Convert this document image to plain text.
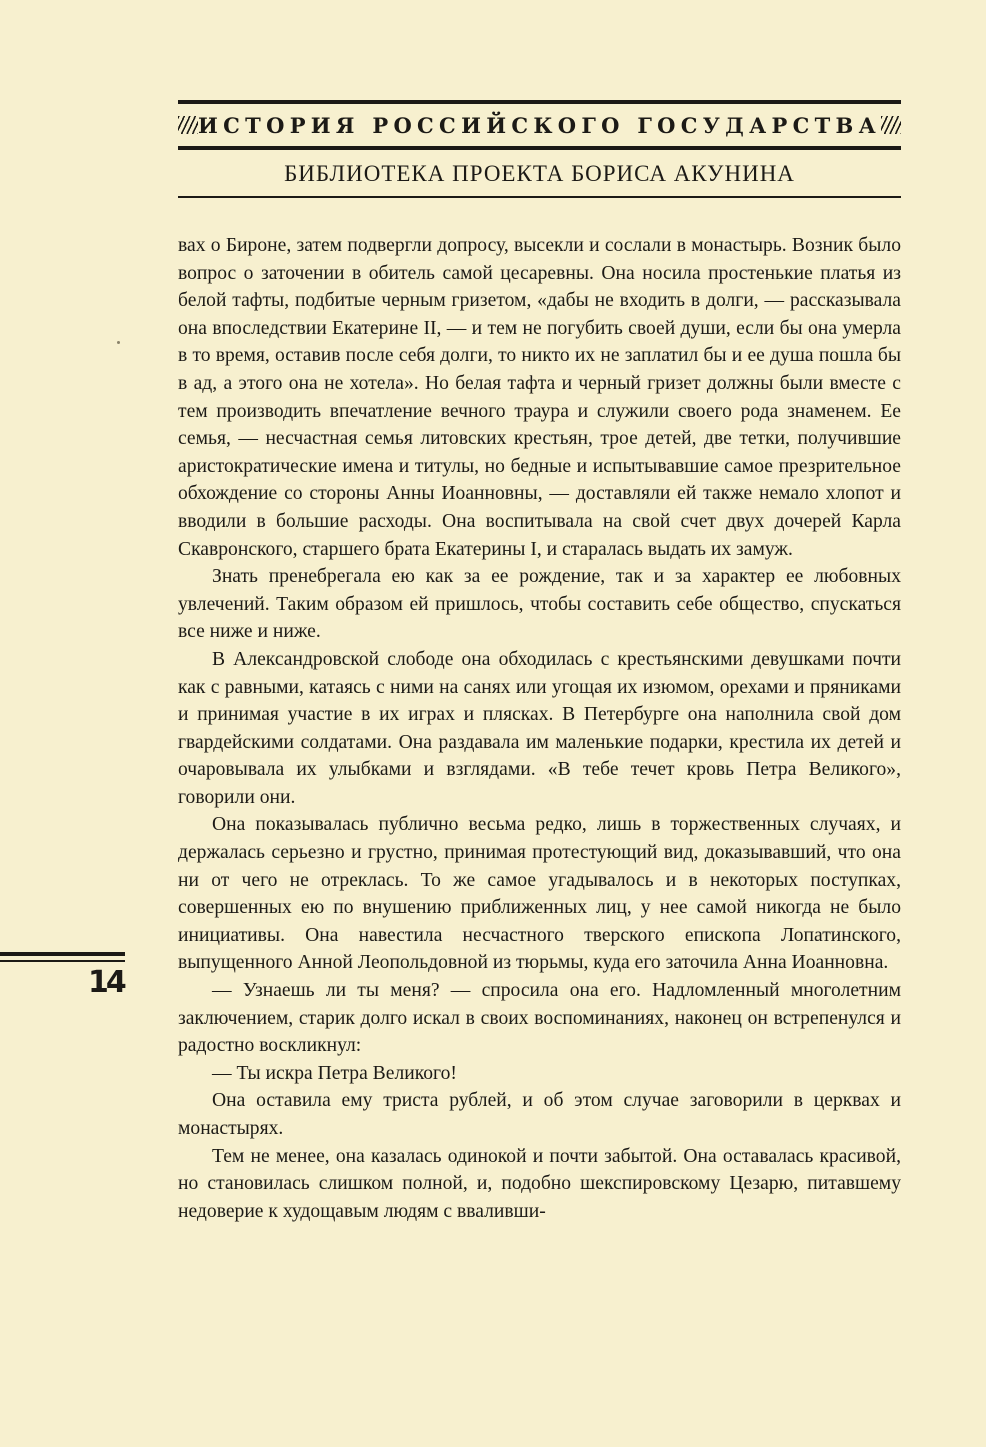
ИСТОРИЯ РОССИЙСКОГО ГОСУДАРСТВА
БИБЛИОТЕКА ПРОЕКТА БОРИСА АКУНИНА

вах о Бироне, затем подвергли допросу, высекли и сослали в монастырь. Возник было вопрос о заточении в обитель самой цесаревны. Она носила простенькие платья из белой тафты, подбитые черным гризетом, «дабы не входить в долги, — рассказывала она впоследствии Екатерине II, — и тем не погубить своей души, если бы она умерла в то время, оставив после себя долги, то никто их не заплатил бы и ее душа пошла бы в ад, а этого она не хотела». Но белая тафта и черный гризет должны были вместе с тем производить впечатление вечного траура и служили своего рода знаменем. Ее семья, — несчастная семья литовских крестьян, трое детей, две тетки, получившие аристократические имена и титулы, но бедные и испытывавшие самое презрительное обхождение со стороны Анны Иоанновны, — доставляли ей также немало хлопот и вводили в большие расходы. Она воспитывала на свой счет двух дочерей Карла Скавронского, старшего брата Екатерины I, и старалась выдать их замуж.

Знать пренебрегала ею как за ее рождение, так и за характер ее любовных увлечений. Таким образом ей пришлось, чтобы составить себе общество, спускаться все ниже и ниже.

В Александровской слободе она обходилась с крестьянскими девушками почти как с равными, катаясь с ними на санях или угощая их изюмом, орехами и пряниками и принимая участие в их играх и плясках. В Петербурге она наполнила свой дом гвардейскими солдатами. Она раздавала им маленькие подарки, крестила их детей и очаровывала их улыбками и взглядами. «В тебе течет кровь Петра Великого», говорили они.

Она показывалась публично весьма редко, лишь в торжественных случаях, и держалась серьезно и грустно, принимая протестующий вид, доказывавший, что она ни от чего не отреклась. То же самое угадывалось и в некоторых поступках, совершенных ею по внушению приближенных лиц, у нее самой никогда не было инициативы. Она навестила несчастного тверского епископа Лопатинского, выпущенного Анной Леопольдовной из тюрьмы, куда его заточила Анна Иоанновна.

— Узнаешь ли ты меня? — спросила она его. Надломленный многолетним заключением, старик долго искал в своих воспоминаниях, наконец он встрепенулся и радостно воскликнул:

— Ты искра Петра Великого!

Она оставила ему триста рублей, и об этом случае заговорили в церквах и монастырях.

Тем не менее, она казалась одинокой и почти забытой. Она оставалась красивой, но становилась слишком полной, и, подобно шекспировскому Цезарю, питавшему недоверие к худощавым людям с вваливши-

14
